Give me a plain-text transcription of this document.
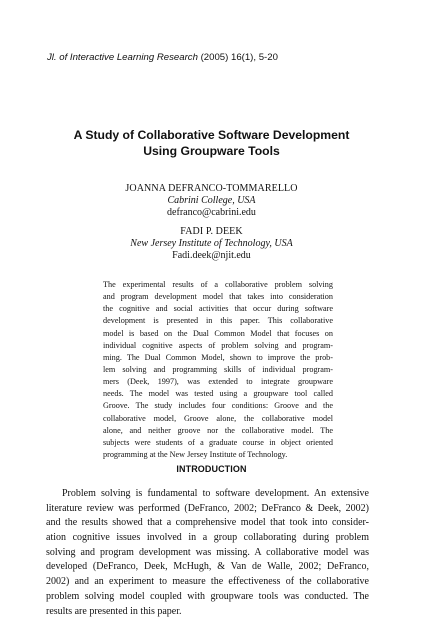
Jl. of Interactive Learning Research (2005) 16(1), 5-20
A Study of Collaborative Software Development
Using Groupware Tools
JOANNA DEFRANCO-TOMMARELLO
Cabrini College, USA
defranco@cabrini.edu
FADI P. DEEK
New Jersey Institute of Technology, USA
Fadi.deek@njit.edu
The experimental results of a collaborative problem solving
and program development model that takes into consideration
the cognitive and social activities that occur during software
development is presented in this paper. This collaborative
model is based on the Dual Common Model that focuses on
individual cognitive aspects of problem solving and program-
ming. The Dual Common Model, shown to improve the prob-
lem solving and programming skills of individual program-
mers (Deek, 1997), was extended to integrate groupware
needs. The model was tested using a groupware tool called
Groove. The study includes four conditions: Groove and the
collaborative model, Groove alone, the collaborative model
alone, and neither groove nor the collaborative model. The
subjects were students of a graduate course in object oriented
programming at the New Jersey Institute of Technology.
INTRODUCTION
Problem solving is fundamental to software development. An extensive
literature review was performed (DeFranco, 2002; DeFranco & Deek, 2002)
and the results showed that a comprehensive model that took into consider-
ation cognitive issues involved in a group collaborating during problem
solving and program development was missing. A collaborative model was
developed (DeFranco, Deek, McHugh, & Van de Walle, 2002; DeFranco,
2002) and an experiment to measure the effectiveness of the collaborative
problem solving model coupled with groupware tools was conducted. The
results are presented in this paper.
